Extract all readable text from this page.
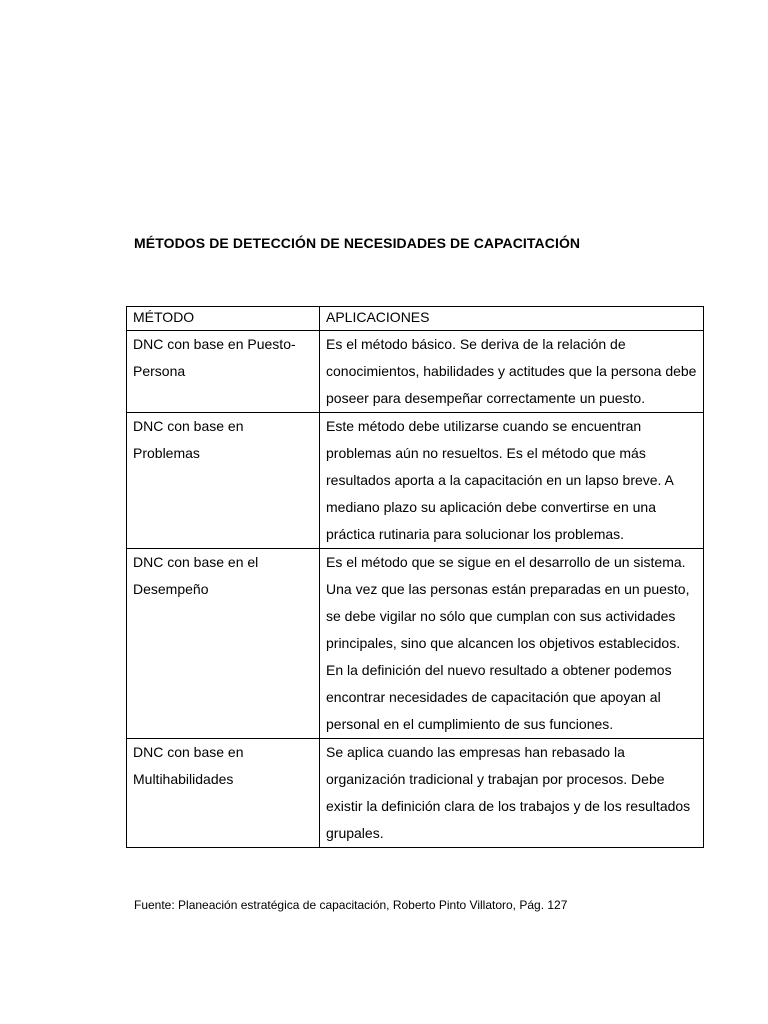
MÉTODOS DE DETECCIÓN DE NECESIDADES DE CAPACITACIÓN
MÉTODO	APLICACIONES
DNC con base en Puesto-Persona	Es el método básico. Se deriva de la relación de conocimientos, habilidades y actitudes que la persona debe poseer para desempeñar correctamente un puesto.
DNC con base en Problemas	Este método debe utilizarse cuando se encuentran problemas aún no resueltos. Es el método que más resultados aporta a la capacitación en un lapso breve. A mediano plazo su aplicación debe convertirse en una práctica rutinaria para solucionar los problemas.
DNC con base en el Desempeño	Es el método que se sigue en el desarrollo de un sistema. Una vez que las personas están preparadas en un puesto, se debe vigilar no sólo que cumplan con sus actividades principales, sino que alcancen los objetivos establecidos. En la definición del nuevo resultado a obtener podemos encontrar necesidades de capacitación que apoyan al personal en el cumplimiento de sus funciones.
DNC con base en Multihabilidades	Se aplica cuando las empresas han rebasado la organización tradicional y trabajan por procesos. Debe existir la definición clara de los trabajos y de los resultados grupales.
Fuente: Planeación estratégica de capacitación, Roberto Pinto Villatoro, Pág. 127
